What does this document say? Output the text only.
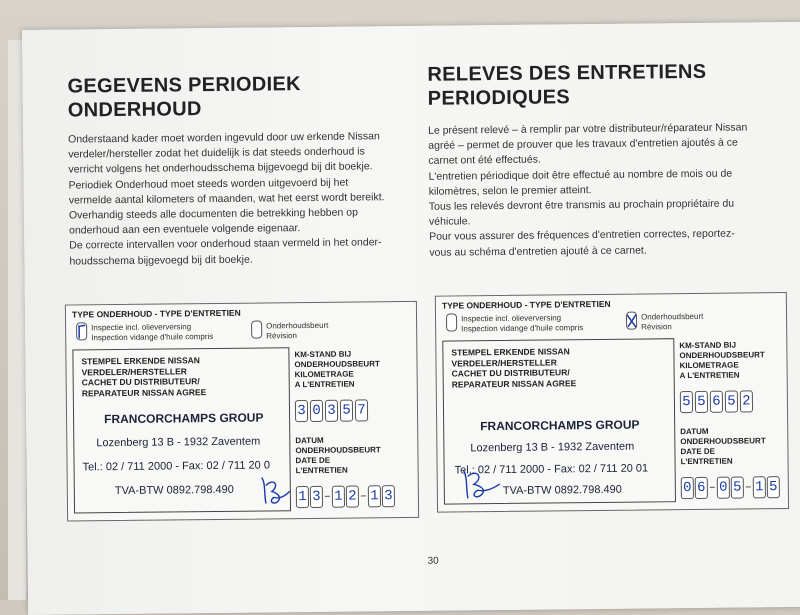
GEGEVENS PERIODIEK
ONDERHOUD
Onderstaand kader moet worden ingevuld door uw erkende Nissan
verdeler/hersteller zodat het duidelijk is dat steeds onderhoud is
verricht volgens het onderhoudsschema bijgevoegd bij dit boekje.
Periodiek Onderhoud moet steeds worden uitgevoerd bij het
vermelde aantal kilometers of maanden, wat het eerst wordt bereikt.
Overhandig steeds alle documenten die betrekking hebben op
onderhoud aan een eventuele volgende eigenaar.
De correcte intervallen voor onderhoud staan vermeld in het onder-
houdsschema bijgevoegd bij dit boekje.
TYPE ONDERHOUD - TYPE D'ENTRETIEN
Inspectie incl. olieverversing
Inspection vidange d'huile compris
Onderhoudsbeurt
Révision
STEMPEL ERKENDE NISSAN
VERDELER/HERSTELLER
CACHET DU DISTRIBUTEUR/
REPARATEUR NISSAN AGREE
FRANCORCHAMPS GROUP
Lozenberg 13 B - 1932 Zaventem
Tel.: 02 / 711 2000 - Fax: 02 / 711 20 0
TVA-BTW 0892.798.490
KM-STAND BIJ
ONDERHOUDSBEURT
KILOMETRAGE
A L'ENTRETIEN
3 0 3 5 7
DATUM
ONDERHOUDSBEURT
DATE DE
L'ENTRETIEN
1 3 1 2 1 3
RELEVES DES ENTRETIENS
PERIODIQUES
Le présent relevé – à remplir par votre distributeur/réparateur Nissan
agréé – permet de prouver que les travaux d'entretien ajoutés à ce
carnet ont été effectués.
L'entretien périodique doit être effectué au nombre de mois ou de
kilomètres, selon le premier atteint.
Tous les relevés devront être transmis au prochain propriétaire du
véhicule.
Pour vous assurer des fréquences d'entretien correctes, reportez-
vous au schéma d'entretien ajouté à ce carnet.
TYPE ONDERHOUD - TYPE D'ENTRETIEN
Inspectie incl. olieverversing
Inspection vidange d'huile compris
Onderhoudsbeurt
Révision
STEMPEL ERKENDE NISSAN
VERDELER/HERSTELLER
CACHET DU DISTRIBUTEUR/
REPARATEUR NISSAN AGREE
FRANCORCHAMPS GROUP
Lozenberg 13 B - 1932 Zaventem
Tel.: 02 / 711 2000 - Fax: 02 / 711 20 01
TVA-BTW 0892.798.490
KM-STAND BIJ
ONDERHOUDSBEURT
KILOMETRAGE
A L'ENTRETIEN
5 5 6 5 2
DATUM
ONDERHOUDSBEURT
DATE DE
L'ENTRETIEN
0 6 0 5 1 5
30
